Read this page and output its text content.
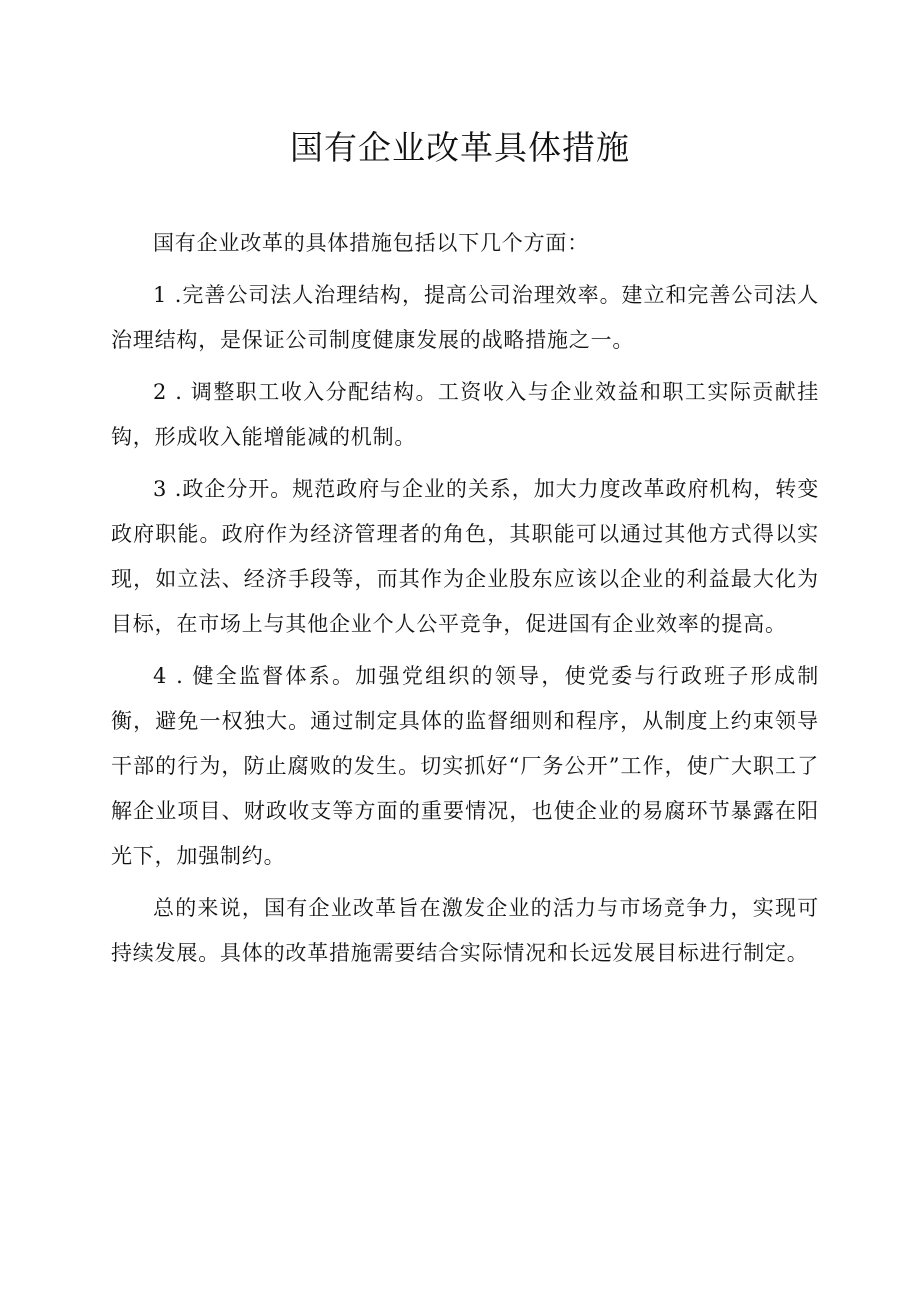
国有企业改革具体措施

国有企业改革的具体措施包括以下几个方面：

1 .完善公司法人治理结构，提高公司治理效率。建立和完善公司法人治理结构，是保证公司制度健康发展的战略措施之一。

2 . 调整职工收入分配结构。工资收入与企业效益和职工实际贡献挂钩，形成收入能增能减的机制。

3 .政企分开。规范政府与企业的关系，加大力度改革政府机构，转变政府职能。政府作为经济管理者的角色，其职能可以通过其他方式得以实现，如立法、经济手段等，而其作为企业股东应该以企业的利益最大化为目标，在市场上与其他企业个人公平竞争，促进国有企业效率的提高。

4 . 健全监督体系。加强党组织的领导，使党委与行政班子形成制衡，避免一权独大。通过制定具体的监督细则和程序，从制度上约束领导干部的行为，防止腐败的发生。切实抓好“厂务公开”工作，使广大职工了解企业项目、财政收支等方面的重要情况，也使企业的易腐环节暴露在阳光下，加强制约。

总的来说，国有企业改革旨在激发企业的活力与市场竞争力，实现可持续发展。具体的改革措施需要结合实际情况和长远发展目标进行制定。
